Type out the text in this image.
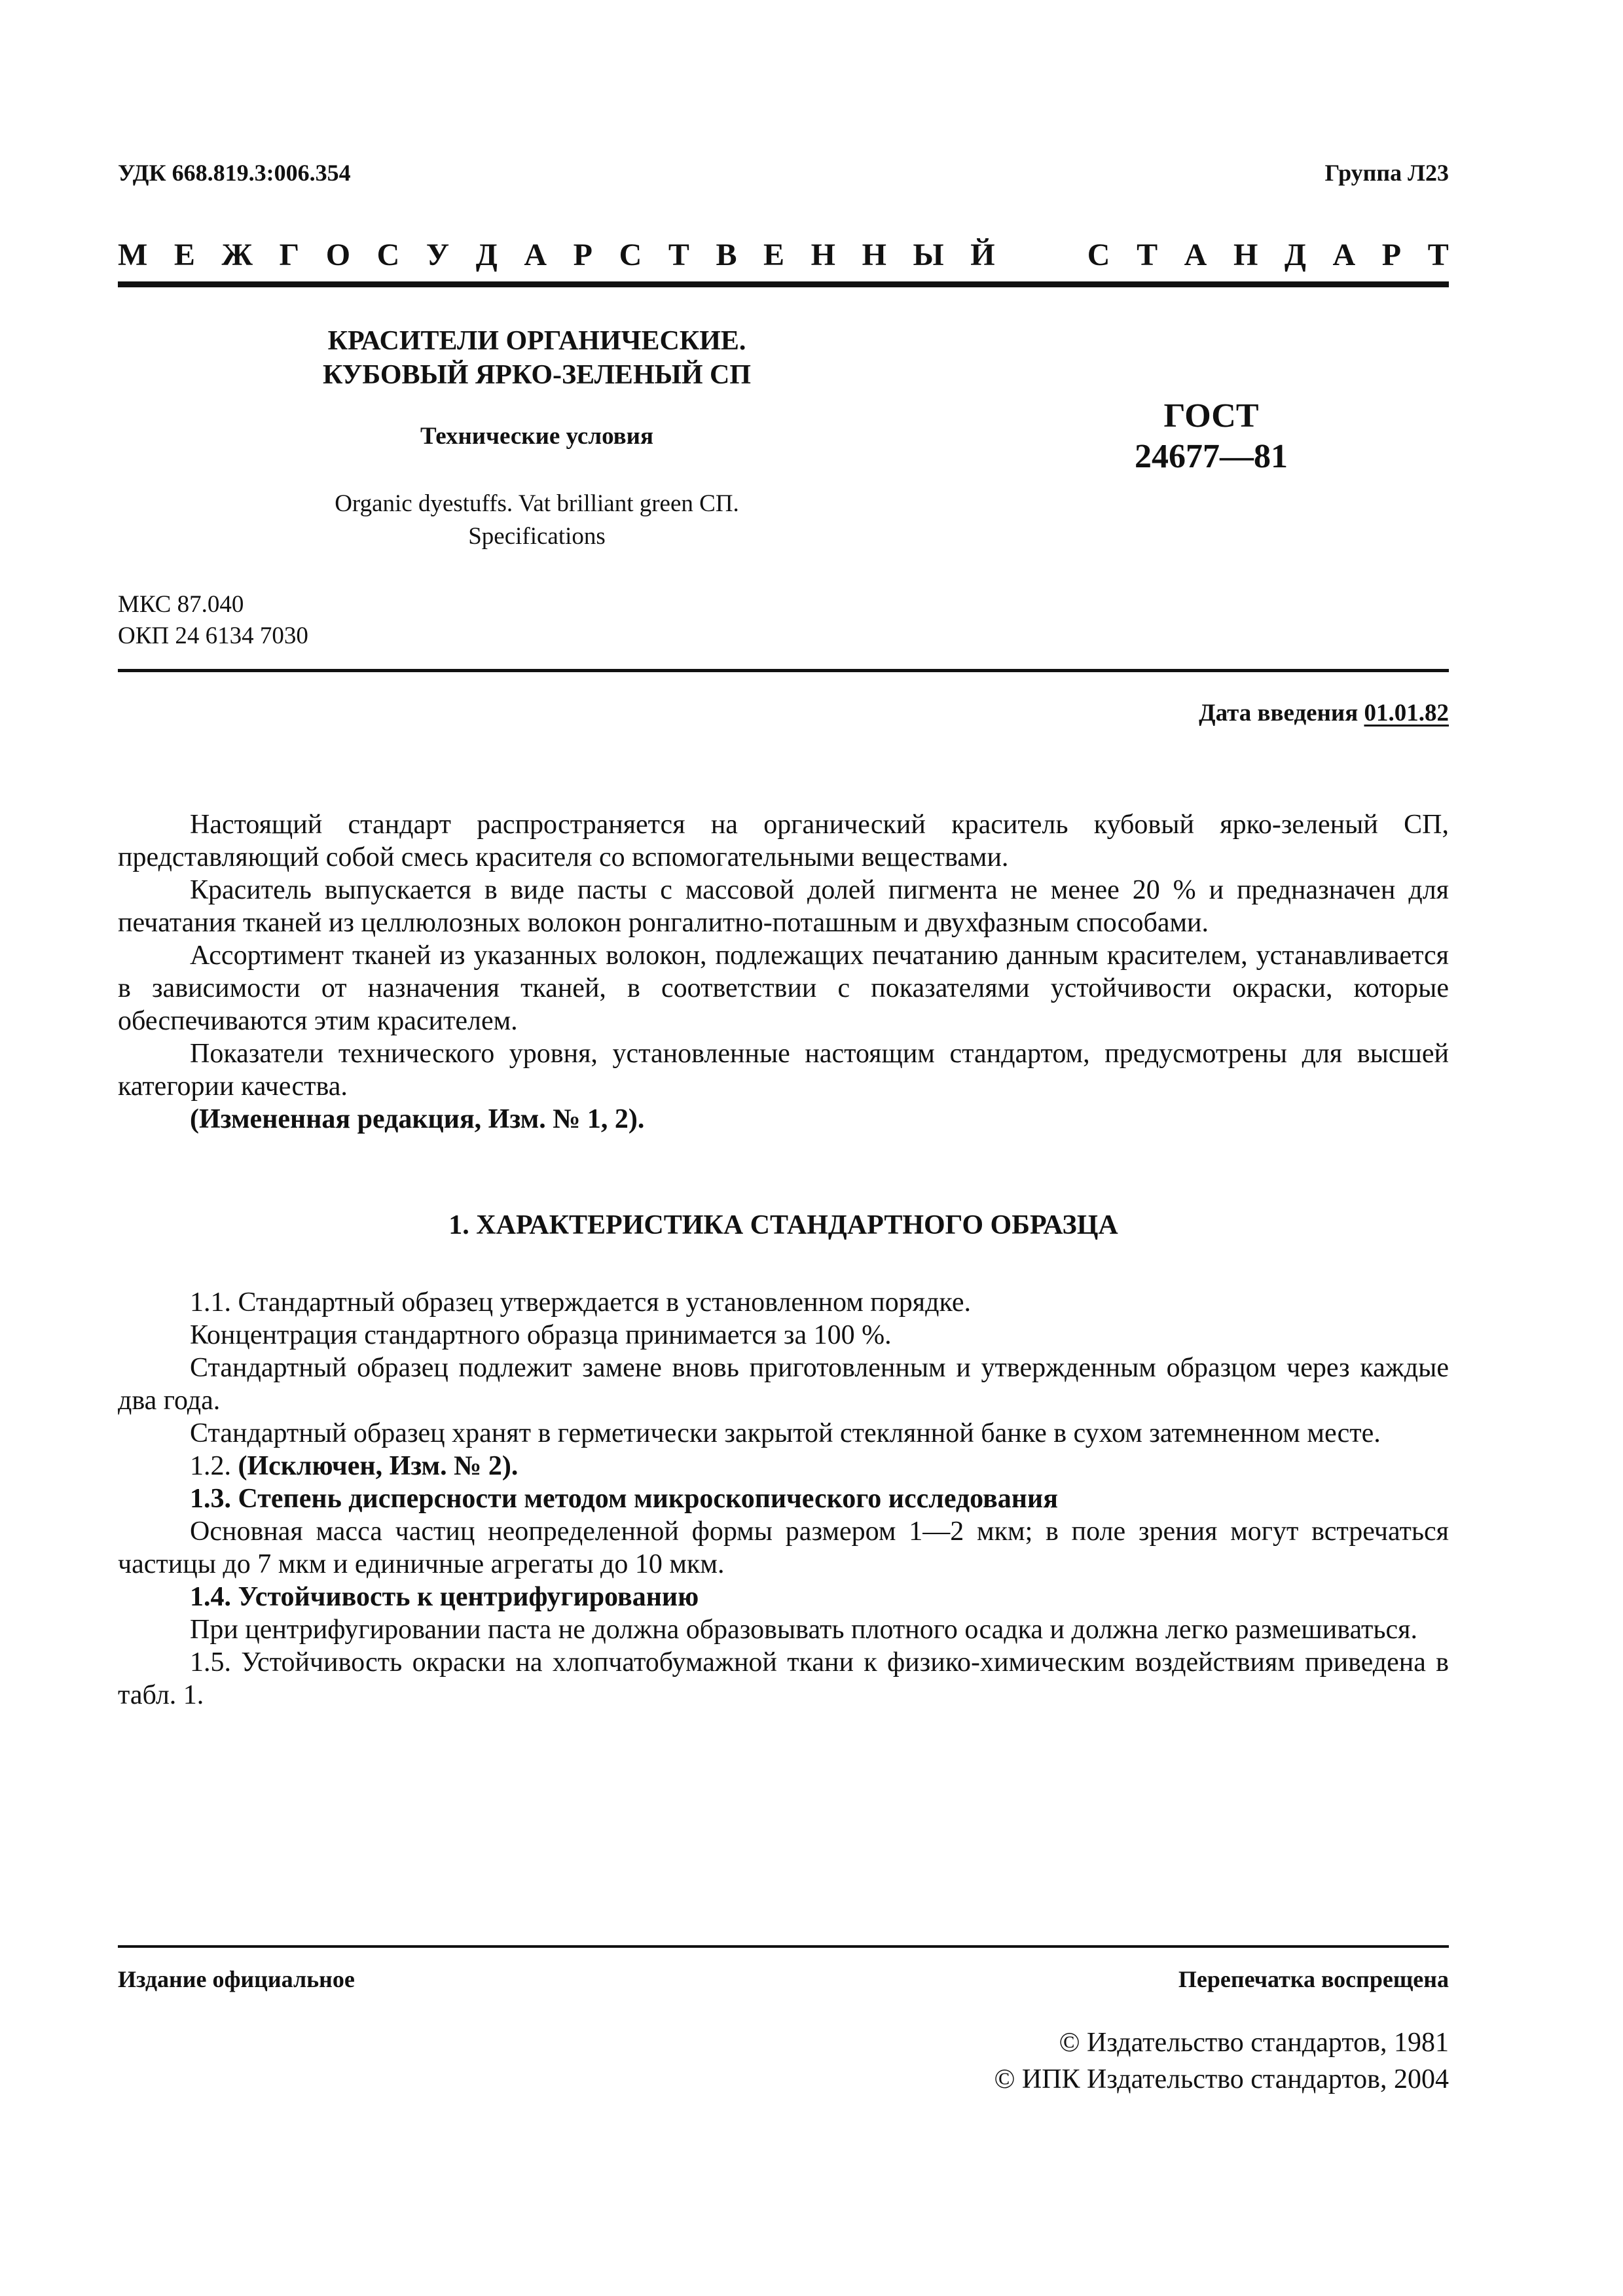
УДК 668.819.3:006.354	Группа Л23
М Е Ж Г О С У Д А Р С Т В Е Н Н Ы Й	С Т А Н Д А Р Т
КРАСИТЕЛИ ОРГАНИЧЕСКИЕ.
КУБОВЫЙ ЯРКО-ЗЕЛЕНЫЙ СП
Технические условия
Organic dyestuffs. Vat brilliant green СП.
Specifications
ГОСТ
24677—81
МКС 87.040
ОКП 24 6134 7030
Дата введения 01.01.82

Настоящий стандарт распространяется на органический краситель кубовый ярко-зеленый СП, представляющий собой смесь красителя со вспомогательными веществами.

Краситель выпускается в виде пасты с массовой долей пигмента не менее 20 % и предназначен для печатания тканей из целлюлозных волокон ронгалитно-поташным и двухфазным способами.

Ассортимент тканей из указанных волокон, подлежащих печатанию данным красителем, устанавливается в зависимости от назначения тканей, в соответствии с показателями устойчивости окраски, которые обеспечиваются этим красителем.

Показатели технического уровня, установленные настоящим стандартом, предусмотрены для высшей категории качества.

(Измененная редакция, Изм. № 1, 2).

1. ХАРАКТЕРИСТИКА СТАНДАРТНОГО ОБРАЗЦА

1.1. Стандартный образец утверждается в установленном порядке.

Концентрация стандартного образца принимается за 100 %.

Стандартный образец подлежит замене вновь приготовленным и утвержденным образцом через каждые два года.

Стандартный образец хранят в герметически закрытой стеклянной банке в сухом затемненном месте.

1.2. (Исключен, Изм. № 2).

1.3. Степень дисперсности методом микроскопического исследования

Основная масса частиц неопределенной формы размером 1—2 мкм; в поле зрения могут встречаться частицы до 7 мкм и единичные агрегаты до 10 мкм.

1.4. Устойчивость к центрифугированию

При центрифугировании паста не должна образовывать плотного осадка и должна легко размешиваться.

1.5. Устойчивость окраски на хлопчатобумажной ткани к физико-химическим воздействиям приведена в табл. 1.

Издание официальное	Перепечатка воспрещена
© Издательство стандартов, 1981
© ИПК Издательство стандартов, 2004
